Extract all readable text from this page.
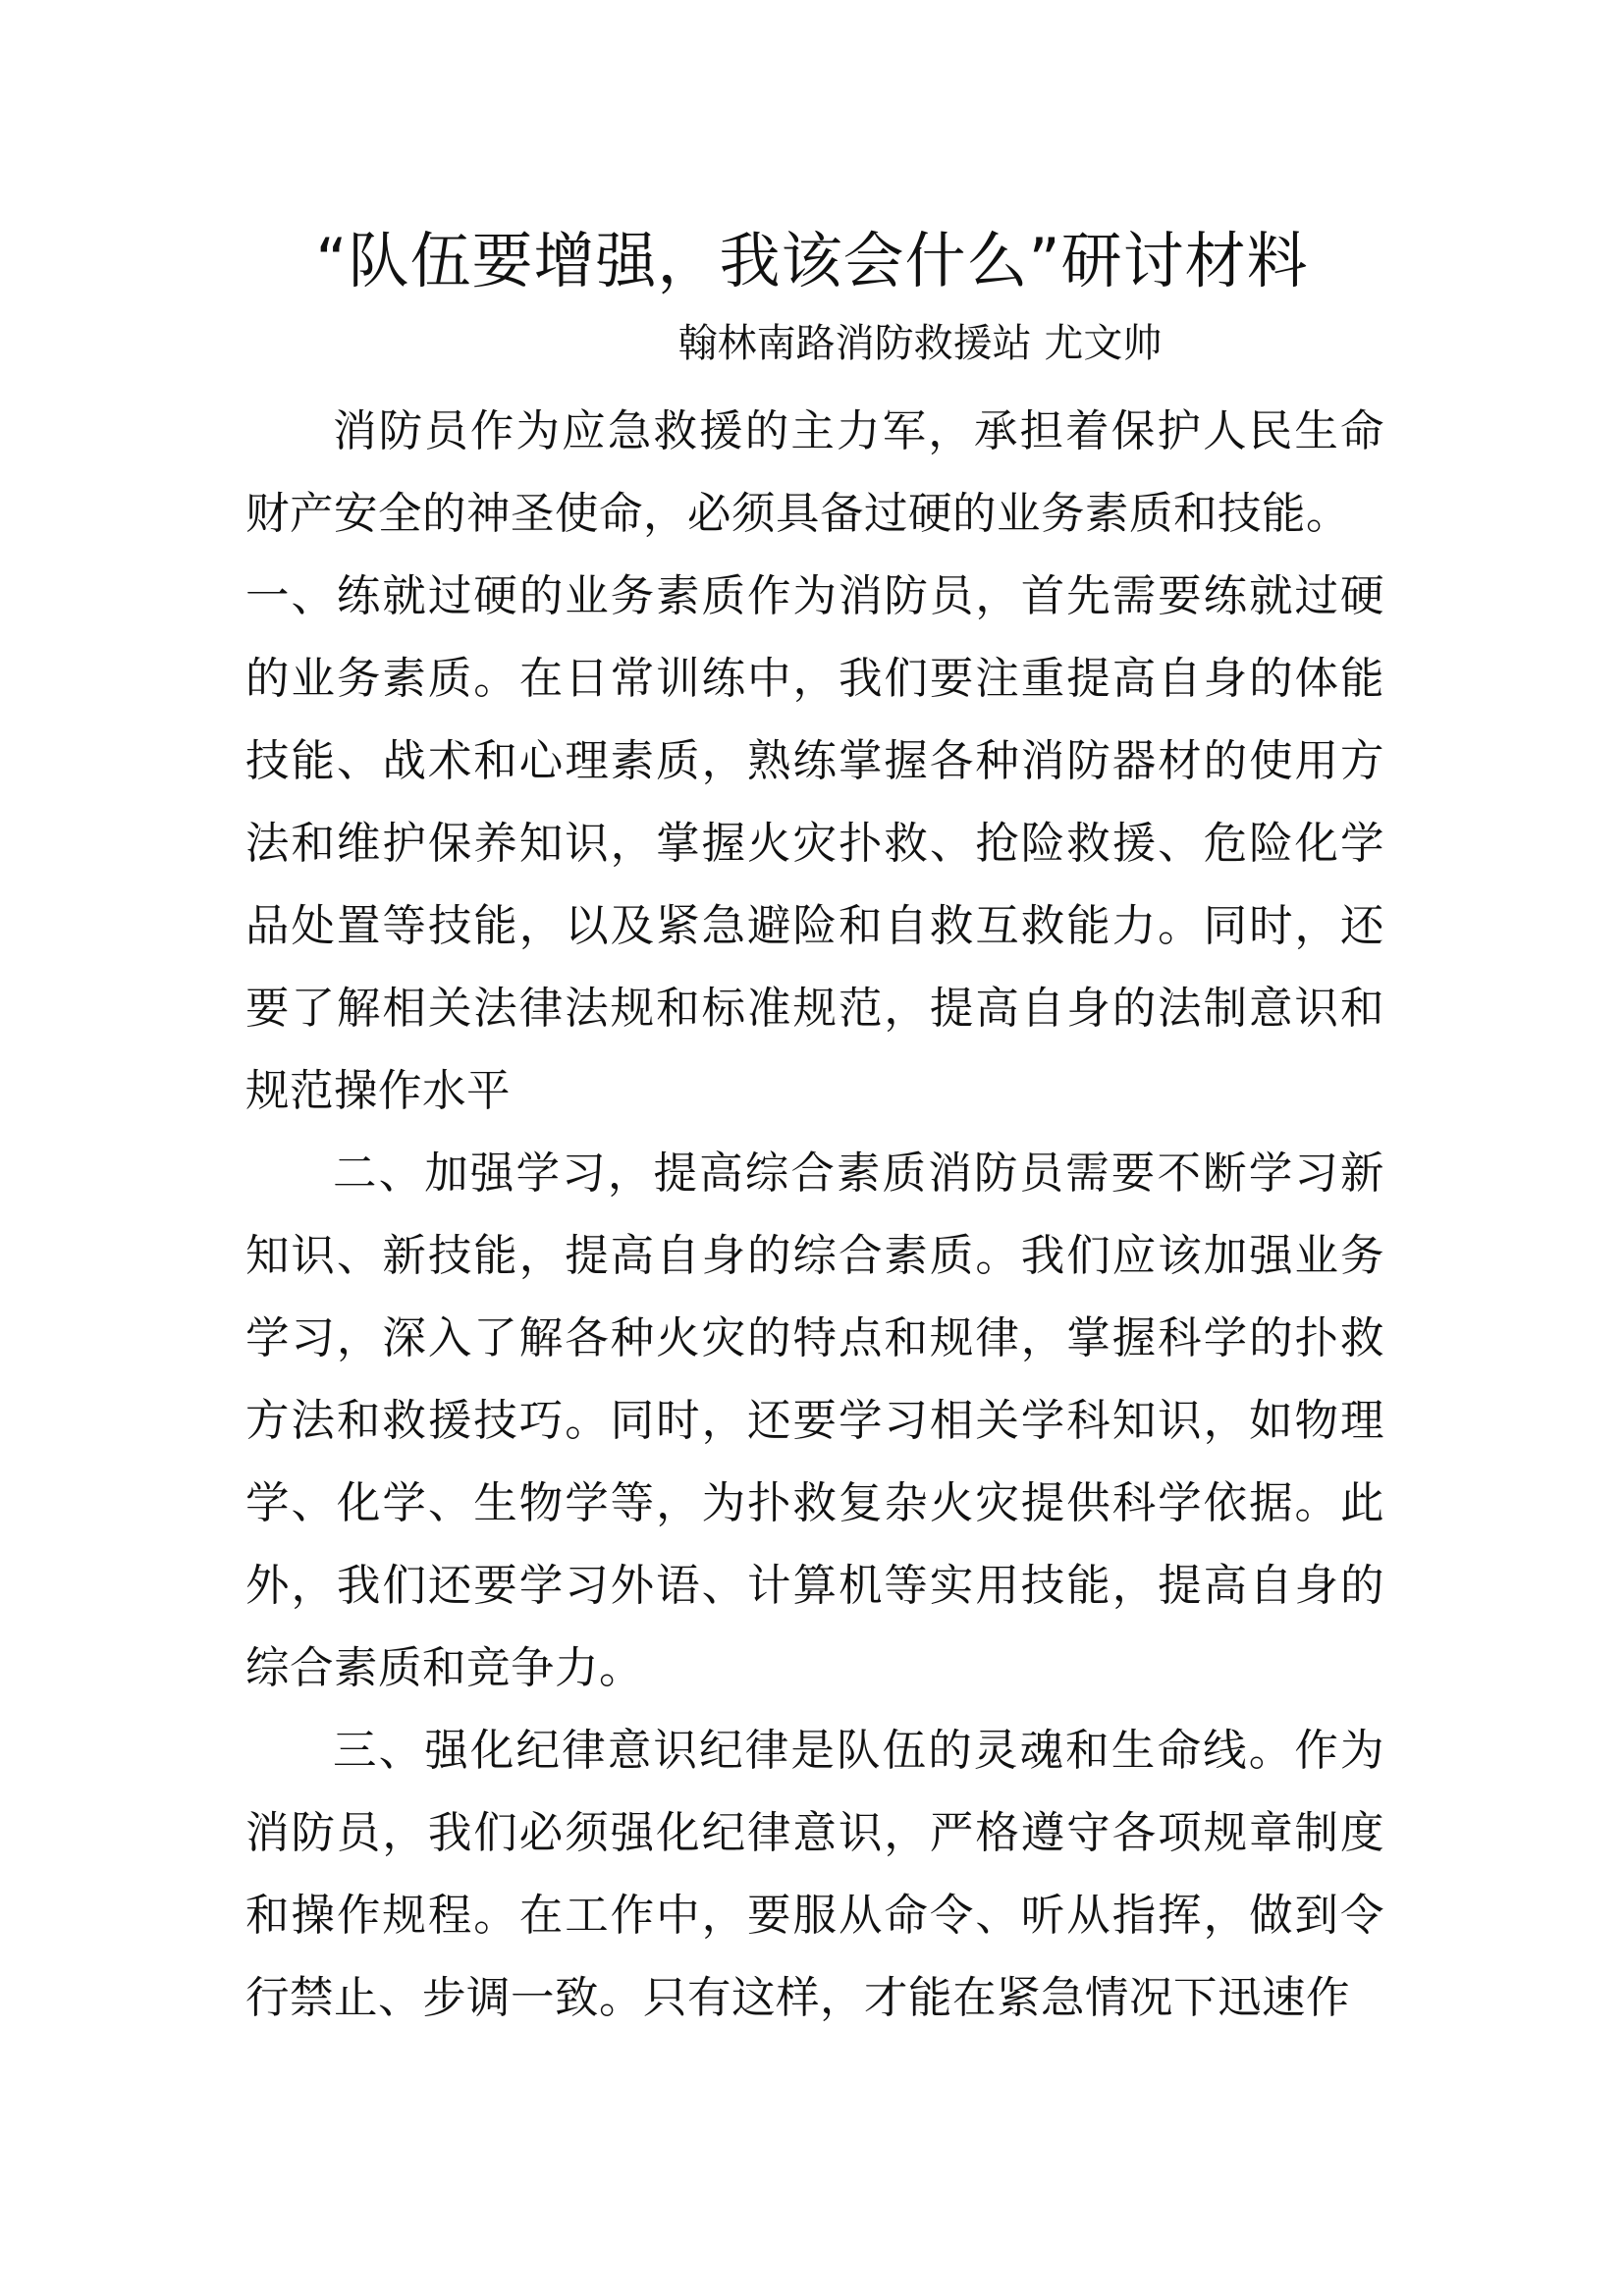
“队伍要增强，我该会什么”研讨材料
翰林南路消防救援站 尤文帅

消防员作为应急救援的主力军，承担着保护人民生命财产安全的神圣使命，必须具备过硬的业务素质和技能。

一、练就过硬的业务素质作为消防员，首先需要练就过硬的业务素质。在日常训练中，我们要注重提高自身的体能技能、战术和心理素质，熟练掌握各种消防器材的使用方法和维护保养知识，掌握火灾扑救、抢险救援、危险化学品处置等技能，以及紧急避险和自救互救能力。同时，还要了解相关法律法规和标准规范，提高自身的法制意识和规范操作水平

二、加强学习，提高综合素质消防员需要不断学习新知识、新技能，提高自身的综合素质。我们应该加强业务学习，深入了解各种火灾的特点和规律，掌握科学的扑救方法和救援技巧。同时，还要学习相关学科知识，如物理学、化学、生物学等，为扑救复杂火灾提供科学依据。此外，我们还要学习外语、计算机等实用技能，提高自身的综合素质和竞争力。

三、强化纪律意识纪律是队伍的灵魂和生命线。作为消防员，我们必须强化纪律意识，严格遵守各项规章制度和操作规程。在工作中，要服从命令、听从指挥，做到令行禁止、步调一致。只有这样，才能在紧急情况下迅速作
